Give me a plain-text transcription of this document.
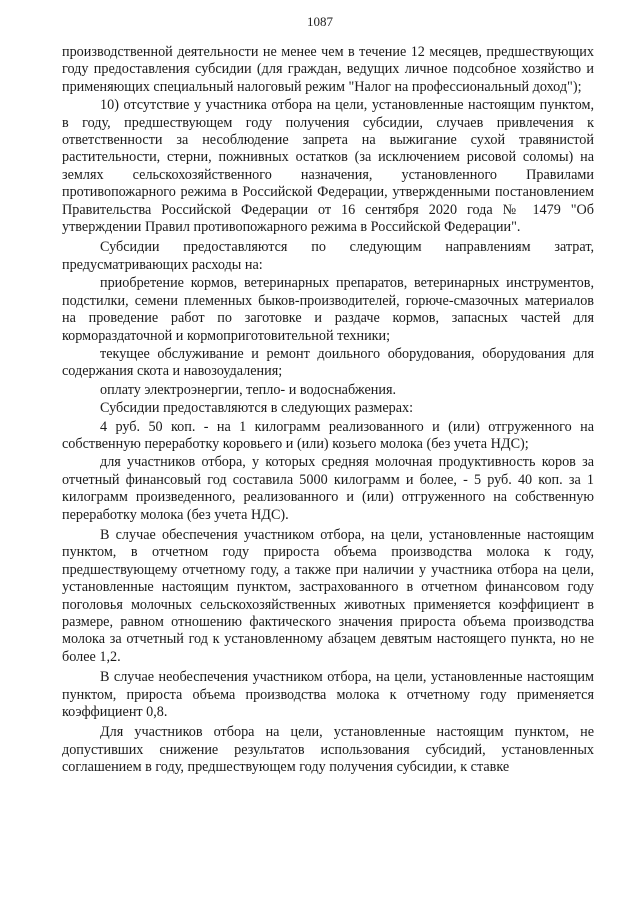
1087

производственной деятельности не менее чем в течение 12 месяцев, предшествующих году предоставления субсидии (для граждан, ведущих личное подсобное хозяйство и применяющих специальный налоговый режим "Налог на профессиональный доход");

10) отсутствие у участника отбора на цели, установленные настоящим пунктом, в году, предшествующем году получения субсидии, случаев привлечения к ответственности за несоблюдение запрета на выжигание сухой травянистой растительности, стерни, пожнивных остатков (за исключением рисовой соломы) на землях сельскохозяйственного назначения, установленного Правилами противопожарного режима в Российской Федерации, утвержденными постановлением Правительства Российской Федерации от 16 сентября 2020 года № 1479 "Об утверждении Правил противопожарного режима в Российской Федерации".

Субсидии предоставляются по следующим направлениям затрат, предусматривающих расходы на:

приобретение кормов, ветеринарных препаратов, ветеринарных инструментов, подстилки, семени племенных быков-производителей, горюче-смазочных материалов на проведение работ по заготовке и раздаче кормов, запасных частей для кормораздаточной и кормоприготовительной техники;

текущее обслуживание и ремонт доильного оборудования, оборудования для содержания скота и навозоудаления;

оплату электроэнергии, тепло- и водоснабжения.

Субсидии предоставляются в следующих размерах:

4 руб. 50 коп. - на 1 килограмм реализованного и (или) отгруженного на собственную переработку коровьего и (или) козьего молока (без учета НДС);

для участников отбора, у которых средняя молочная продуктивность коров за отчетный финансовый год составила 5000 килограмм и более, - 5 руб. 40 коп. за 1 килограмм произведенного, реализованного и (или) отгруженного на собственную переработку молока (без учета НДС).

В случае обеспечения участником отбора, на цели, установленные настоящим пунктом, в отчетном году прироста объема производства молока к году, предшествующему отчетному году, а также при наличии у участника отбора на цели, установленные настоящим пунктом, застрахованного в отчетном финансовом году поголовья молочных сельскохозяйственных животных применяется коэффициент в размере, равном отношению фактического значения прироста объема производства молока за отчетный год к установленному абзацем девятым настоящего пункта, но не более 1,2.

В случае необеспечения участником отбора, на цели, установленные настоящим пунктом, прироста объема производства молока к отчетному году применяется коэффициент 0,8.

Для участников отбора на цели, установленные настоящим пунктом, не допустивших снижение результатов использования субсидий, установленных соглашением в году, предшествующем году получения субсидии, к ставке
